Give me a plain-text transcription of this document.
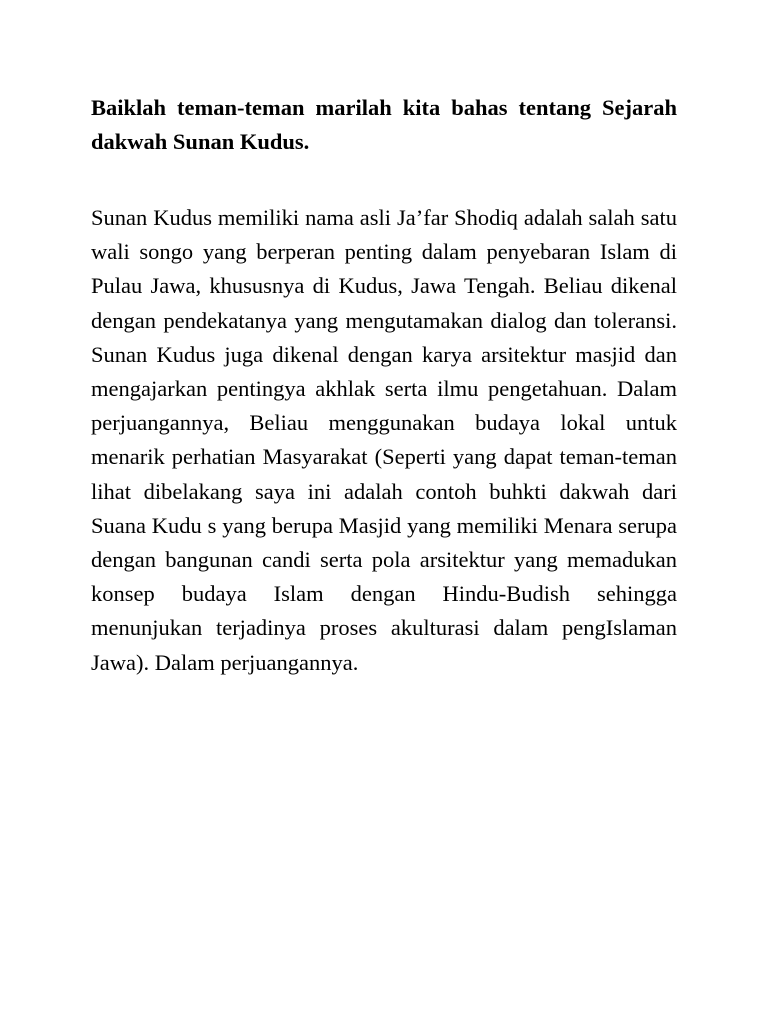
Baiklah teman-teman marilah kita bahas tentang Sejarah dakwah Sunan Kudus.

Sunan Kudus memiliki nama asli Ja’far Shodiq adalah salah satu wali songo yang berperan penting dalam penyebaran Islam di Pulau Jawa, khususnya di Kudus, Jawa Tengah. Beliau dikenal dengan pendekatanya yang mengutamakan dialog dan toleransi. Sunan Kudus juga dikenal dengan karya arsitektur masjid dan mengajarkan pentingya akhlak serta ilmu pengetahuan. Dalam perjuangannya, Beliau menggunakan budaya lokal untuk menarik perhatian Masyarakat (Seperti yang dapat teman-teman lihat dibelakang saya ini adalah contoh buhkti dakwah dari Suana Kudu s yang berupa Masjid yang memiliki Menara serupa dengan bangunan candi serta pola arsitektur yang memadukan konsep budaya Islam dengan Hindu-Budish sehingga menunjukan terjadinya proses akulturasi dalam pengIslaman Jawa). Dalam perjuangannya.
